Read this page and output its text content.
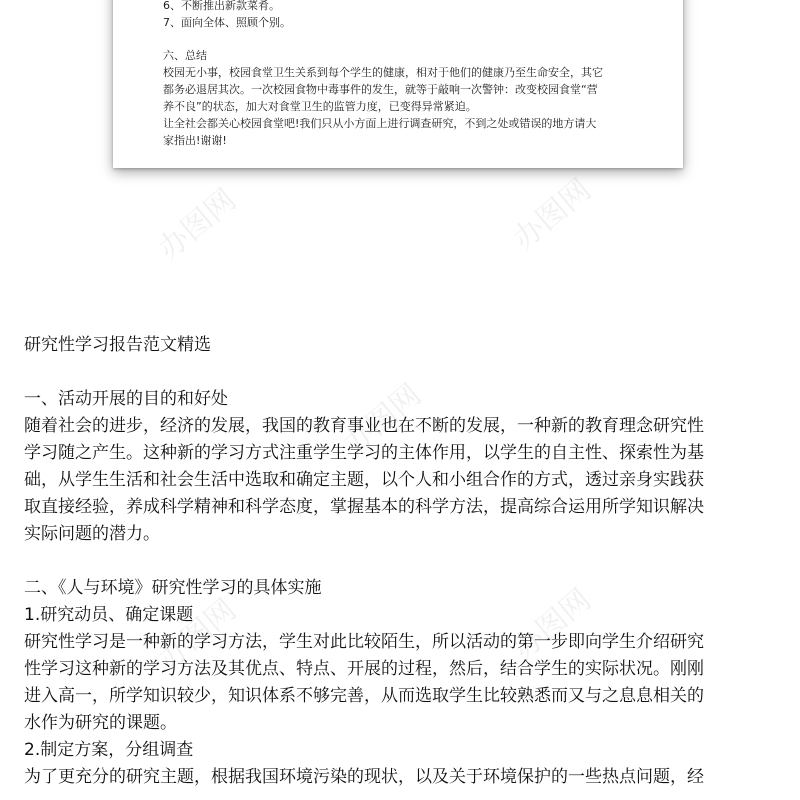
6、不断推出新款菜肴。
7、面向全体、照顾个别。
六、总结
校园无小事，校园食堂卫生关系到每个学生的健康，相对于他们的健康乃至生命安全，其它
都务必退居其次。一次校园食物中毒事件的发生，就等于敲响一次警钟：改变校园食堂“营
养不良”的状态，加大对食堂卫生的监管力度，已变得异常紧迫。
让全社会都关心校园食堂吧!我们只从小方面上进行调查研究，不到之处或错误的地方请大
家指出!谢谢!
办图网	办图网
办图网
办图网
办图网
研究性学习报告范文精选
一、活动开展的目的和好处
随着社会的进步，经济的发展，我国的教育事业也在不断的发展，一种新的教育理念研究性
学习随之产生。这种新的学习方式注重学生学习的主体作用，以学生的自主性、探索性为基
础，从学生生活和社会生活中选取和确定主题，以个人和小组合作的方式，透过亲身实践获
取直接经验，养成科学精神和科学态度，掌握基本的科学方法，提高综合运用所学知识解决
实际问题的潜力。
二、《人与环境》研究性学习的具体实施
1.研究动员、确定课题
研究性学习是一种新的学习方法，学生对此比较陌生，所以活动的第一步即向学生介绍研究
性学习这种新的学习方法及其优点、特点、开展的过程，然后，结合学生的实际状况。刚刚
进入高一，所学知识较少，知识体系不够完善，从而选取学生比较熟悉而又与之息息相关的
水作为研究的课题。
2.制定方案，分组调查
为了更充分的研究主题，根据我国环境污染的现状，以及关于环境保护的一些热点问题，经
